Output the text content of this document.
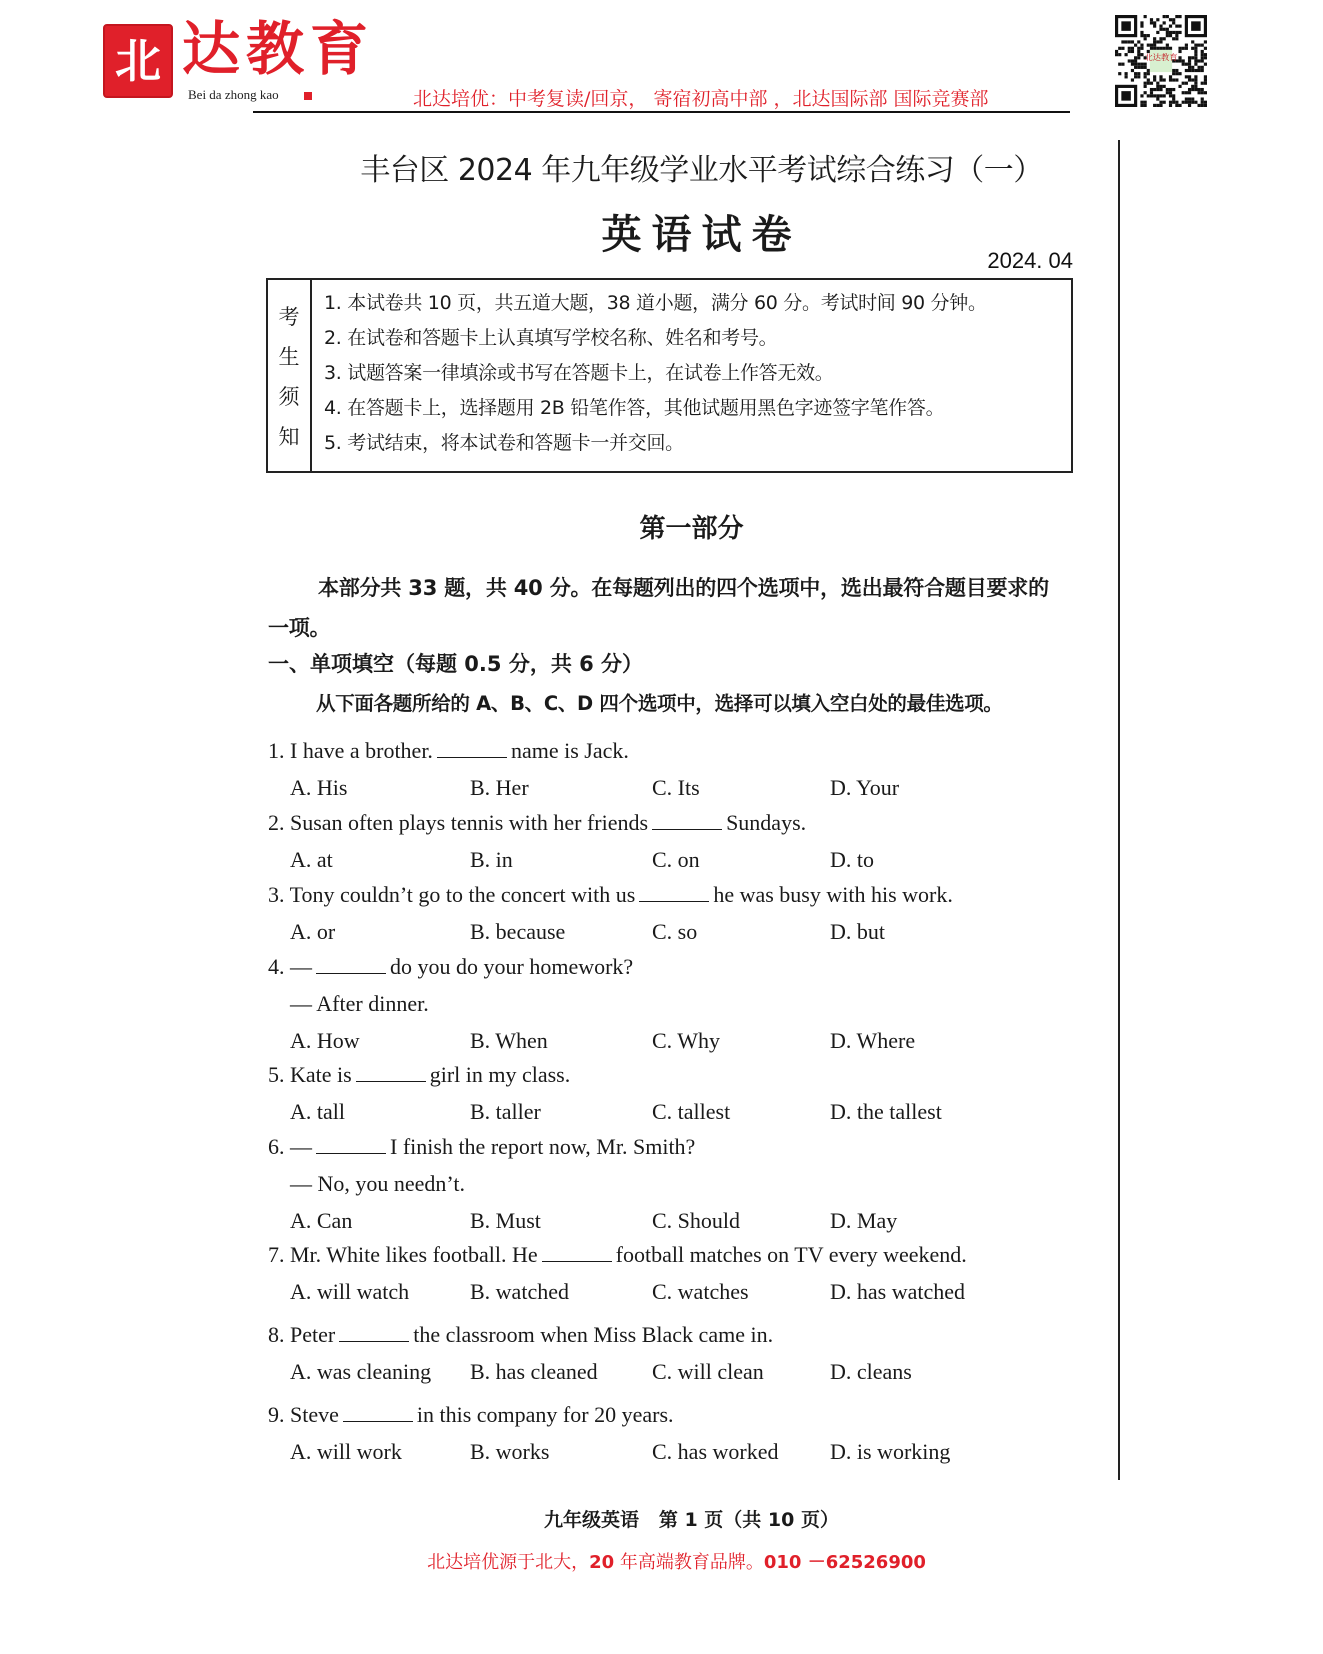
北 达教育
Bei da zhong kao	北达培优：中考复读/回京， 寄宿初高中部 ，北达国际部 国际竞赛部
北达教育
丰台区 2024 年九年级学业水平考试综合练习（一）
英语试卷
2024. 04
考
生
须
知
1. 本试卷共 10 页，共五道大题，38 道小题，满分 60 分。考试时间 90 分钟。
2. 在试卷和答题卡上认真填写学校名称、姓名和考号。
3. 试题答案一律填涂或书写在答题卡上，在试卷上作答无效。
4. 在答题卡上，选择题用 2B 铅笔作答，其他试题用黑色字迹签字笔作答。
5. 考试结束，将本试卷和答题卡一并交回。
第一部分
本部分共 33 题，共 40 分。在每题列出的四个选项中，选出最符合题目要求的一项。
一、单项填空（每题 0.5 分，共 6 分）
从下面各题所给的 A、B、C、D 四个选项中，选择可以填入空白处的最佳选项。
1. I have a brother.	name is Jack.
A. His	B. Her	C. Its	D. Your
2. Susan often plays tennis with her friends	Sundays.
A. at	B. in	C. on	D. to
3. Tony couldn’t go to the concert with us	he was busy with his work.
A. or	B. because	C. so	D. but
4. —	do you do your homework?
— After dinner.
A. How	B. When	C. Why	D. Where
5. Kate is	girl in my class.
A. tall	B. taller	C. tallest	D. the tallest
6. —	I finish the report now, Mr. Smith?
— No, you needn’t.
A. Can	B. Must	C. Should	D. May
7. Mr. White likes football. He	football matches on TV every weekend.
A. will watch	B. watched	C. watches	D. has watched
8. Peter	the classroom when Miss Black came in.
A. was cleaning B. has cleaned C. will clean	D. cleans
9. Steve	in this company for 20 years.
A. will work	B. works	C. has worked D. is working
九年级英语   第 1 页（共 10 页）
北达培优源于北大，20 年高端教育品牌。010 －62526900
